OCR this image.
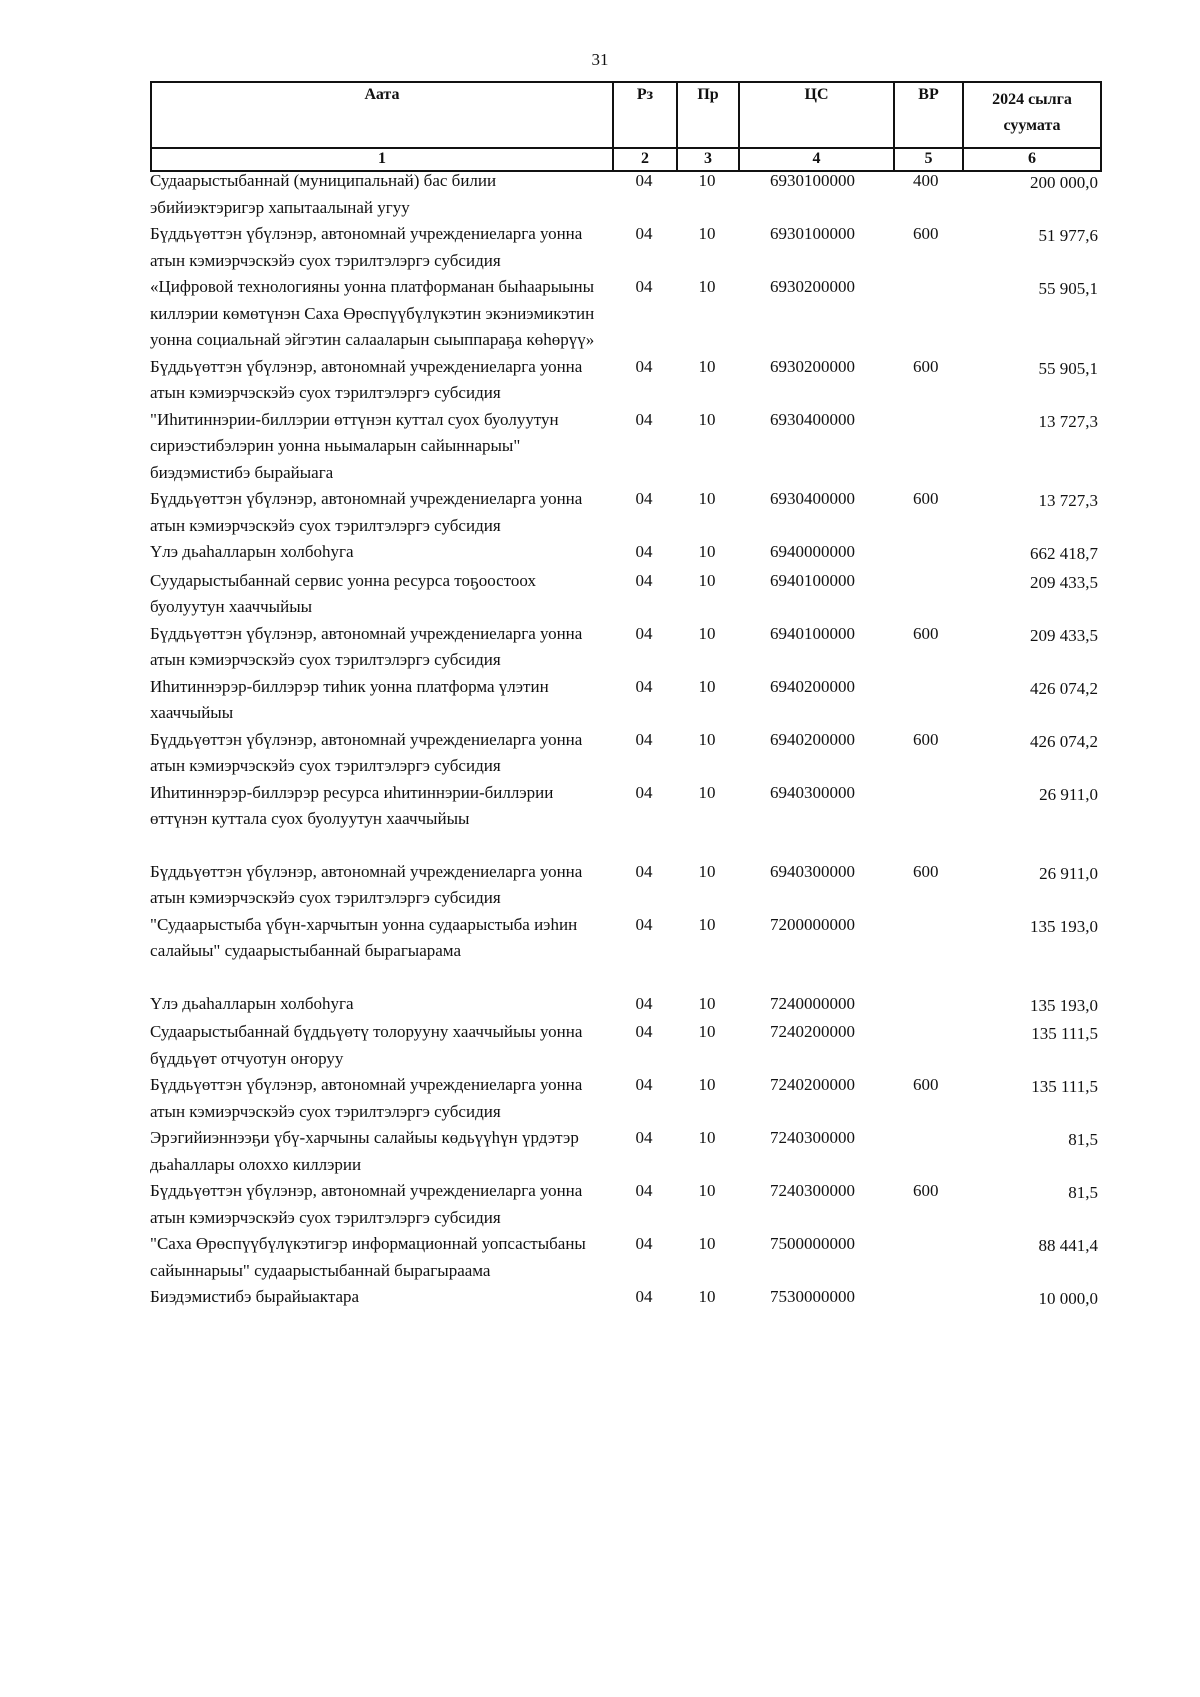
31
Аата	Рз	Пр	ЦС	ВР	2024 сылга суумата
1	2	3	4	5	6
Судаарыстыбаннай (муниципальнай) бас билии эбийиэктэригэр хапытаалынай угуу	04	10	6930100000	400	200 000,0
Бүддьүөттэн үбүлэнэр, автономнай учреждениеларга уонна атын кэмиэрчэскэйэ суох тэрилтэлэргэ субсидия	04	10	6930100000	600	51 977,6
«Цифровой технологияны уонна платформанан быһаарыыны киллэрии көмөтүнэн Саха Өрөспүүбүлүкэтин экэниэмикэтин уонна социальнай эйгэтин салааларын сыыппараҕа көһөрүү»	04	10	6930200000		55 905,1
Бүддьүөттэн үбүлэнэр, автономнай учреждениеларга уонна атын кэмиэрчэскэйэ суох тэрилтэлэргэ субсидия	04	10	6930200000	600	55 905,1
"Иһитиннэрии-биллэрии өттүнэн куттал суох буолуутун сириэстибэлэрин уонна ньымаларын сайыннарыы" биэдэмистибэ бырайыага	04	10	6930400000		13 727,3
Бүддьүөттэн үбүлэнэр, автономнай учреждениеларга уонна атын кэмиэрчэскэйэ суох тэрилтэлэргэ субсидия	04	10	6930400000	600	13 727,3
Үлэ дьаһалларын холбоһуга	04	10	6940000000		662 418,7
Суударыстыбаннай сервис уонна ресурса тоҕоостоох буолуутун хааччыйыы	04	10	6940100000		209 433,5
Бүддьүөттэн үбүлэнэр, автономнай учреждениеларга уонна атын кэмиэрчэскэйэ суох тэрилтэлэргэ субсидия	04	10	6940100000	600	209 433,5
Иһитиннэрэр-биллэрэр тиһик уонна платформа үлэтин хааччыйыы	04	10	6940200000		426 074,2
Бүддьүөттэн үбүлэнэр, автономнай учреждениеларга уонна атын кэмиэрчэскэйэ суох тэрилтэлэргэ субсидия	04	10	6940200000	600	426 074,2
Иһитиннэрэр-биллэрэр ресурса иһитиннэрии-биллэрии өттүнэн куттала суох буолуутун хааччыйыы	04	10	6940300000		26 911,0

Бүддьүөттэн үбүлэнэр, автономнай учреждениеларга уонна атын кэмиэрчэскэйэ суох тэрилтэлэргэ субсидия	04	10	6940300000	600	26 911,0
"Судаарыстыба үбүн-харчытын уонна судаарыстыба иэһин салайыы" судаарыстыбаннай бырагыарама	04	10	7200000000		135 193,0

Үлэ дьаһалларын холбоһуга	04	10	7240000000		135 193,0
Судаарыстыбаннай бүддьүөтү толорууну хааччыйыы уонна бүддьүөт отчуотун оҥоруу	04	10	7240200000		135 111,5
Бүддьүөттэн үбүлэнэр, автономнай учреждениеларга уонна атын кэмиэрчэскэйэ суох тэрилтэлэргэ субсидия	04	10	7240200000	600	135 111,5
Эрэгийиэннээҕи үбү-харчыны салайыы көдьүүһүн үрдэтэр дьаһаллары олоххо киллэрии	04	10	7240300000		81,5
Бүддьүөттэн үбүлэнэр, автономнай учреждениеларга уонна атын кэмиэрчэскэйэ суох тэрилтэлэргэ субсидия	04	10	7240300000	600	81,5
"Саха Өрөспүүбүлүкэтигэр информационнай уопсастыбаны сайыннарыы" судаарыстыбаннай бырагыраама	04	10	7500000000		88 441,4
Биэдэмистибэ бырайыактара	04	10	7530000000		10 000,0
